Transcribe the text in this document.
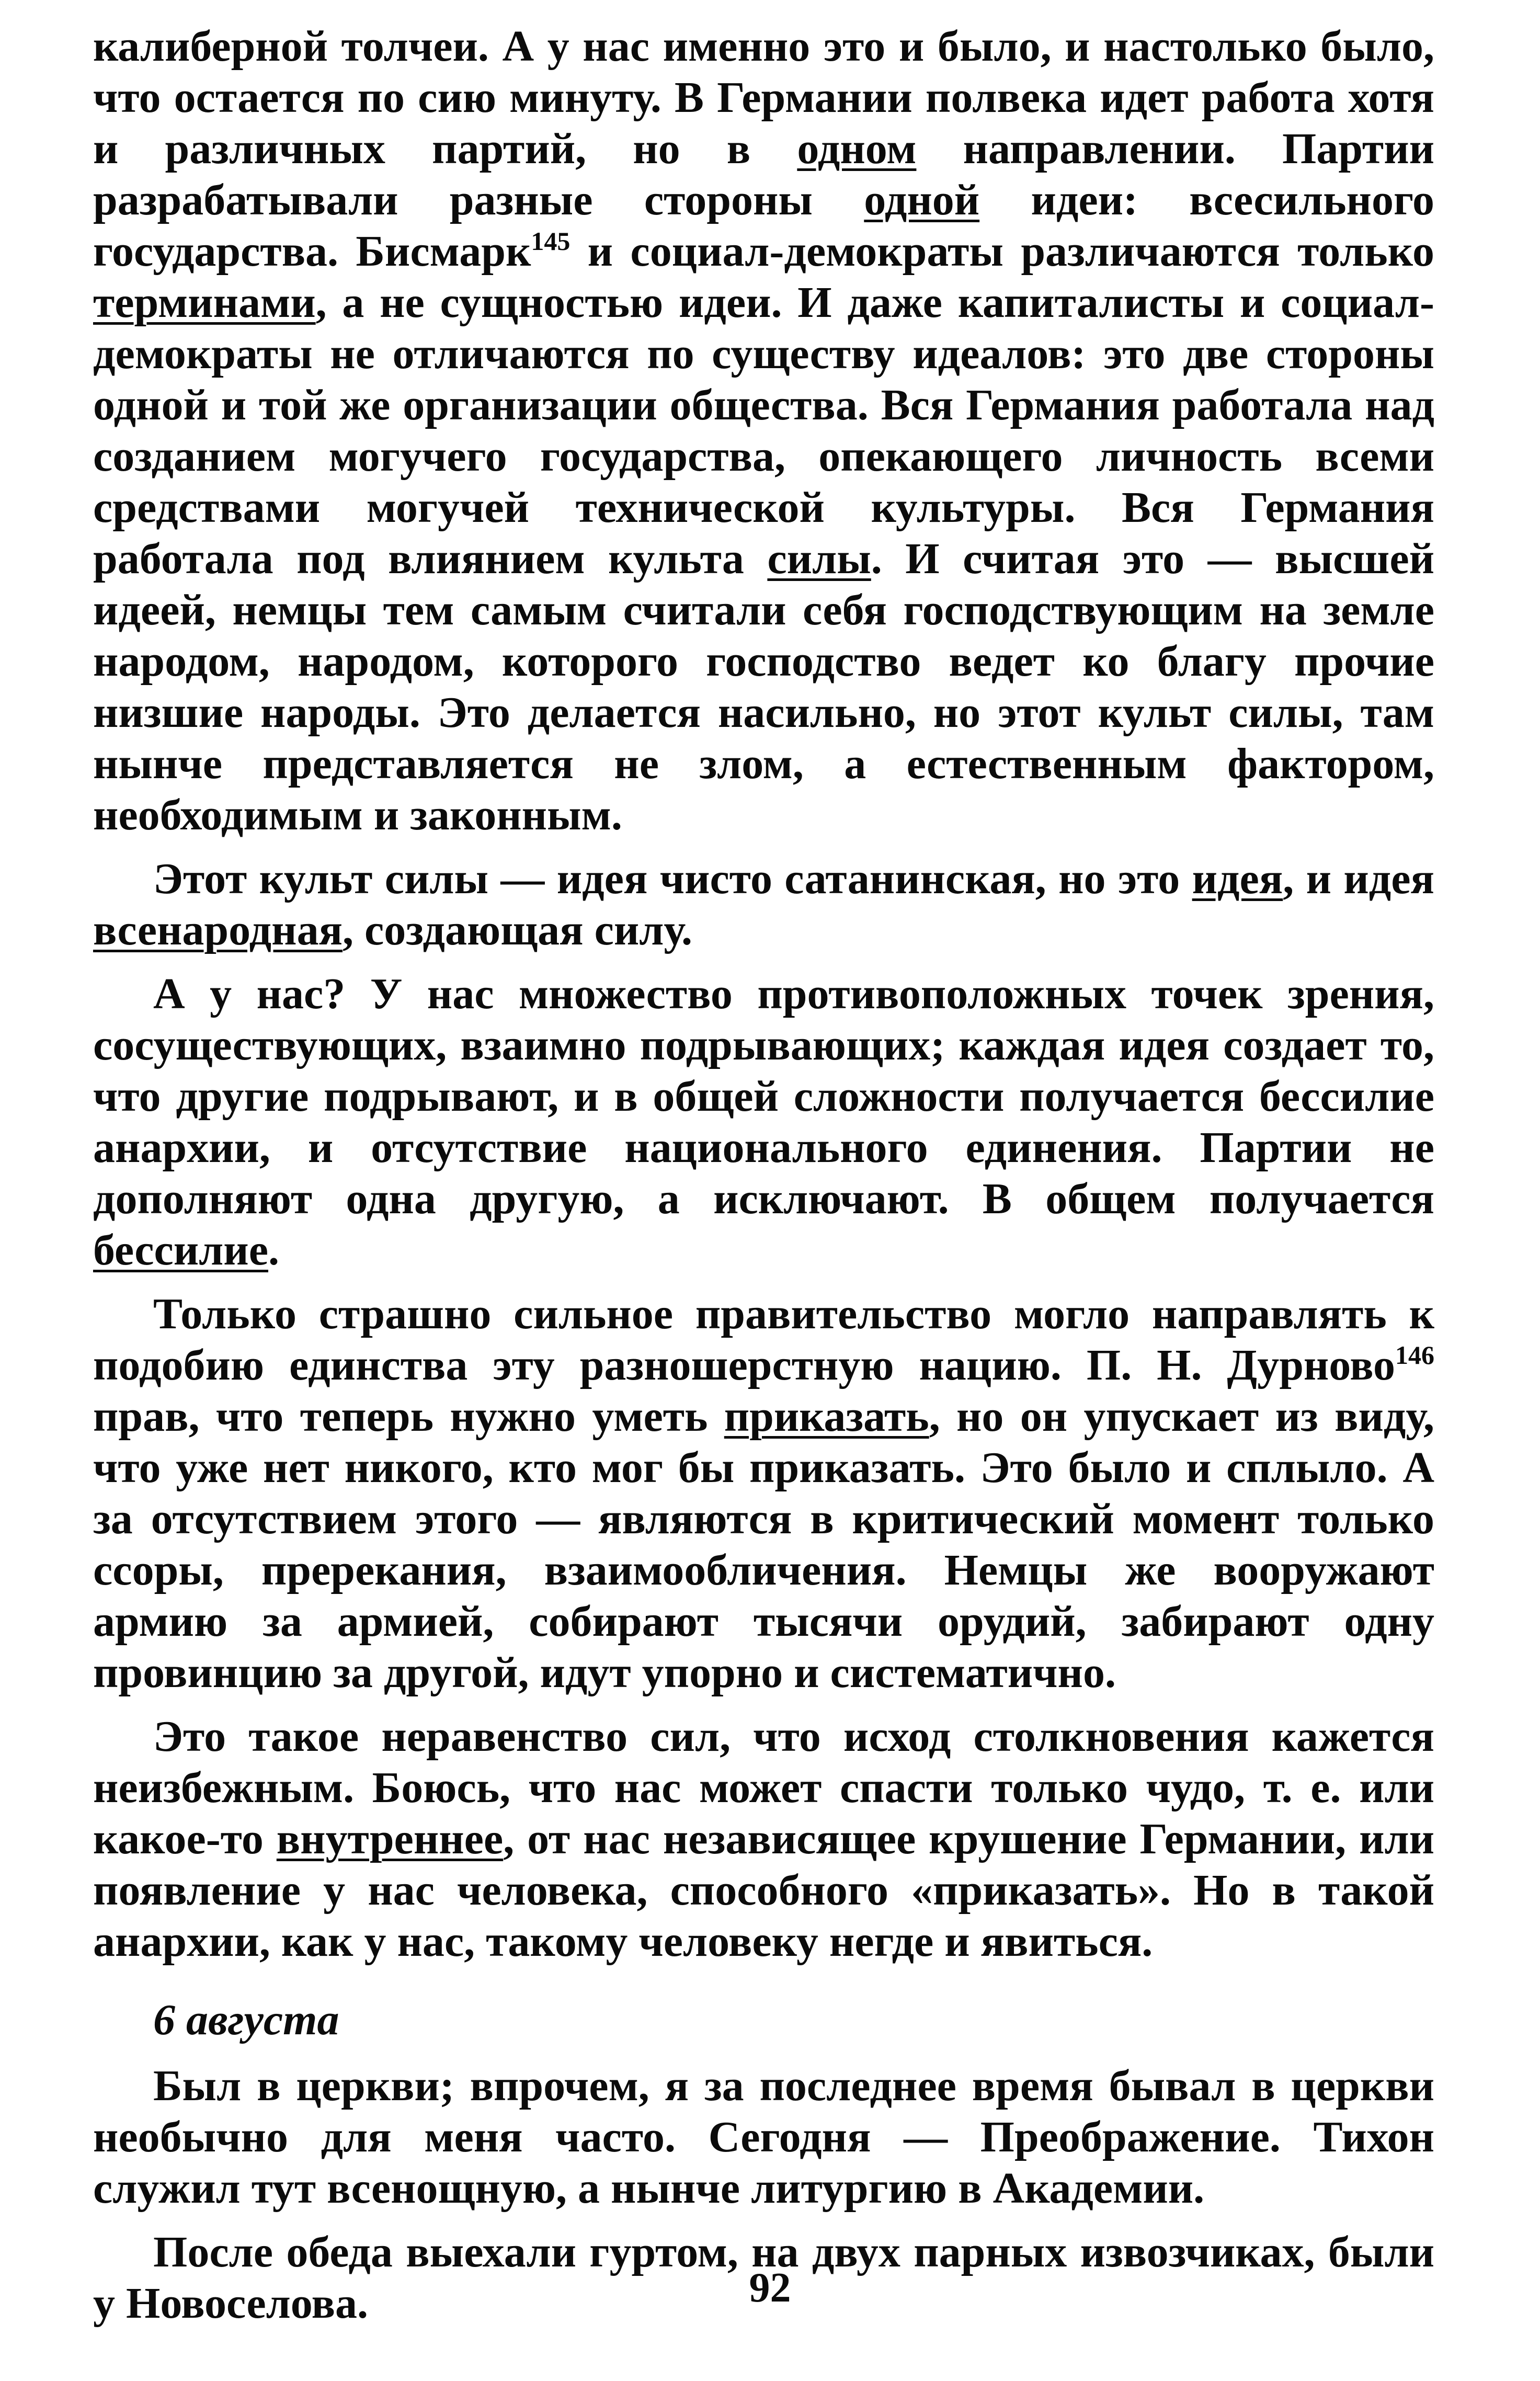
калиберной толчеи. А у нас именно это и было, и настолько было, что остается по сию минуту. В Германии полвека идет работа хотя и различных партий, но в одном направлении. Партии разрабатывали разные стороны одной идеи: всесильного государства. Бисмарк$^{145}$ и социал-демократы различаются только терминами, а не сущностью идеи. И даже капиталисты и социал-демократы не отличаются по существу идеалов: это две стороны одной и той же организации общества. Вся Германия работала над созданием могучего государства, опекающего личность всеми средствами могучей технической культуры. Вся Германия работала под влиянием культа силы. И считая это — высшей идеей, немцы тем самым считали себя господствующим на земле народом, народом, которого господство ведет ко благу прочие низшие народы. Это делается насильно, но этот культ силы, там нынче представляется не злом, а естественным фактором, необходимым и законным.

Этот культ силы — идея чисто сатанинская, но это идея, и идея всенародная, создающая силу.

А у нас? У нас множество противоположных точек зрения, сосуществующих, взаимно подрывающих; каждая идея создает то, что другие подрывают, и в общей сложности получается бессилие анархии, и отсутствие национального единения. Партии не дополняют одна другую, а исключают. В общем получается бессилие.

Только страшно сильное правительство могло направлять к подобию единства эту разношерстную нацию. П. Н. Дурново$^{146}$ прав, что теперь нужно уметь приказать, но он упускает из виду, что уже нет никого, кто мог бы приказать. Это было и сплыло. А за отсутствием этого — являются в критический момент только ссоры, пререкания, взаимообличения. Немцы же вооружают армию за армией, собирают тысячи орудий, забирают одну провинцию за другой, идут упорно и систематично.

Это такое неравенство сил, что исход столкновения кажется неизбежным. Боюсь, что нас может спасти только чудо, т. е. или какое-то внутреннее, от нас независящее крушение Германии, или появление у нас человека, способного «приказать». Но в такой анархии, как у нас, такому человеку негде и явиться.

6 августа

Был в церкви; впрочем, я за последнее время бывал в церкви необычно для меня часто. Сегодня — Преображение. Тихон служил тут всенощную, а нынче литургию в Академии.

После обеда выехали гуртом, на двух парных извозчиках, были у Новоселова.	92
